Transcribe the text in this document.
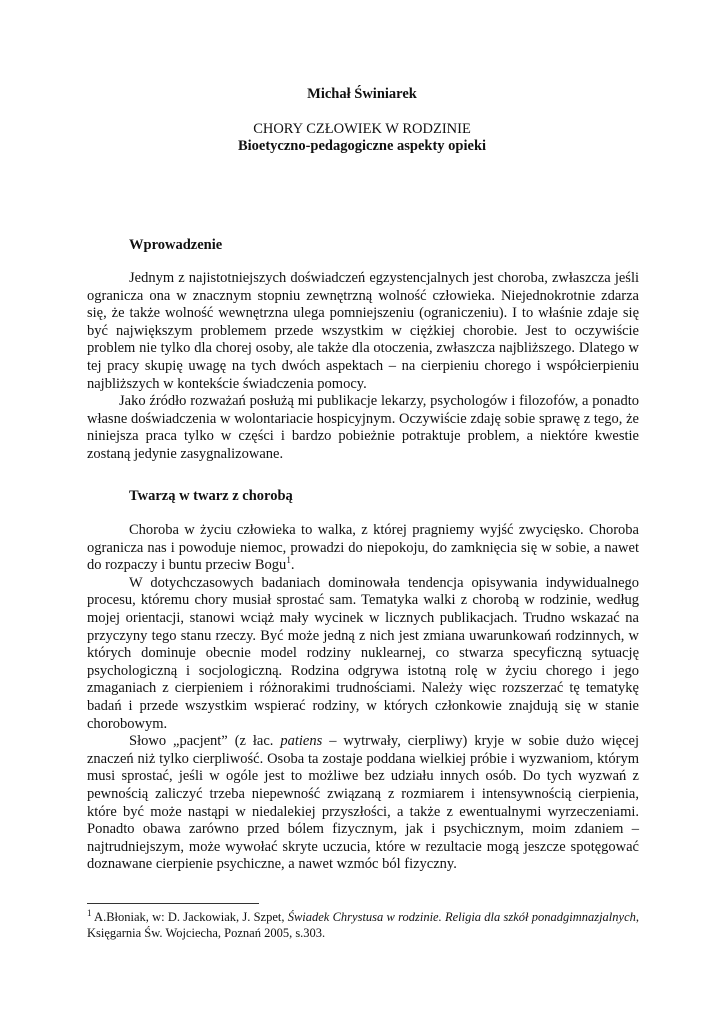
Michał Świniarek
CHORY CZŁOWIEK W RODZINIE
Bioetyczno-pedagogiczne aspekty opieki
Wprowadzenie

Jednym z najistotniejszych doświadczeń egzystencjalnych jest choroba, zwłaszcza jeśli ogranicza ona w znacznym stopniu zewnętrzną wolność człowieka. Niejednokrotnie zdarza się, że także wolność wewnętrzna ulega pomniejszeniu (ograniczeniu). I to właśnie zdaje się być największym problemem przede wszystkim w ciężkiej chorobie. Jest to oczywiście problem nie tylko dla chorej osoby, ale także dla otoczenia, zwłaszcza najbliższego. Dlatego w tej pracy skupię uwagę na tych dwóch aspektach – na cierpieniu chorego i współcierpieniu najbliższych w kontekście świadczenia pomocy.

Jako źródło rozważań posłużą mi publikacje lekarzy, psychologów i filozofów, a ponadto własne doświadczenia w wolontariacie hospicyjnym. Oczywiście zdaję sobie sprawę z tego, że niniejsza praca tylko w części i bardzo pobieżnie potraktuje problem, a niektóre kwestie zostaną jedynie zasygnalizowane.

Twarzą w twarz z chorobą

Choroba w życiu człowieka to walka, z której pragniemy wyjść zwycięsko. Choroba ogranicza nas i powoduje niemoc, prowadzi do niepokoju, do zamknięcia się w sobie, a nawet do rozpaczy i buntu przeciw Bogu$^1$.

W dotychczasowych badaniach dominowała tendencja opisywania indywidualnego procesu, któremu chory musiał sprostać sam. Tematyka walki z chorobą w rodzinie, według mojej orientacji, stanowi wciąż mały wycinek w licznych publikacjach. Trudno wskazać na przyczyny tego stanu rzeczy. Być może jedną z nich jest zmiana uwarunkowań rodzinnych, w których dominuje obecnie model rodziny nuklearnej, co stwarza specyficzną sytuację psychologiczną i socjologiczną. Rodzina odgrywa istotną rolę w życiu chorego i jego zmaganiach z cierpieniem i różnorakimi trudnościami. Należy więc rozszerzać tę tematykę badań i przede wszystkim wspierać rodziny, w których członkowie znajdują się w stanie chorobowym.

Słowo „pacjent” (z łac. patiens – wytrwały, cierpliwy) kryje w sobie dużo więcej znaczeń niż tylko cierpliwość. Osoba ta zostaje poddana wielkiej próbie i wyzwaniom, którym musi sprostać, jeśli w ogóle jest to możliwe bez udziału innych osób. Do tych wyzwań z pewnością zaliczyć trzeba niepewność związaną z rozmiarem i intensywnością cierpienia, które być może nastąpi w niedalekiej przyszłości, a także z ewentualnymi wyrzeczeniami. Ponadto obawa zarówno przed bólem fizycznym, jak i psychicznym, moim zdaniem – najtrudniejszym, może wywołać skryte uczucia, które w rezultacie mogą jeszcze spotęgować doznawane cierpienie psychiczne, a nawet wzmóc ból fizyczny.

$^1$ A.Błoniak, w: D. Jackowiak, J. Szpet, Świadek Chrystusa w rodzinie. Religia dla szkół ponadgimnazjalnych, Księgarnia Św. Wojciecha, Poznań 2005, s.303.
